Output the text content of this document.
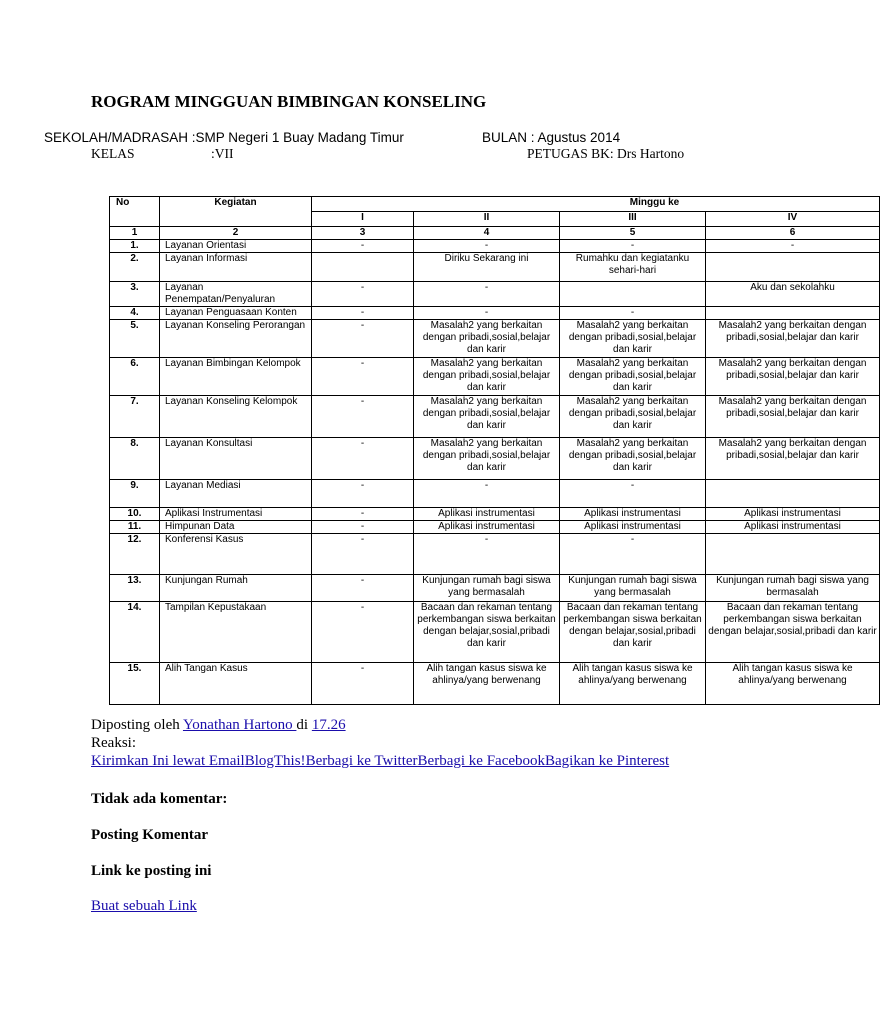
ROGRAM MINGGUAN BIMBINGAN KONSELING
SEKOLAH/MADRASAH :SMP Negeri 1 Buay Madang Timur	BULAN : Agustus 2014
KELAS	:VII	PETUGAS BK: Drs Hartono
No	Kegiatan	Minggu ke			
		I	II	III	IV
1	2	3	4	5	6
1.	Layanan Orientasi	-	-	-	-
2.	Layanan Informasi		Diriku Sekarang ini	Rumahku dan kegiatanku sehari-hari	
3.	Layanan Penempatan/Penyaluran	-	-		Aku dan sekolahku
4.	Layanan Penguasaan Konten	-	-	-	
5.	Layanan Konseling Perorangan	-	Masalah2 yang berkaitan dengan pribadi,sosial,belajar dan karir	Masalah2 yang berkaitan dengan pribadi,sosial,belajar dan karir	Masalah2 yang berkaitan dengan pribadi,sosial,belajar dan karir
6.	Layanan Bimbingan Kelompok	-	Masalah2 yang berkaitan dengan pribadi,sosial,belajar dan karir	Masalah2 yang berkaitan dengan pribadi,sosial,belajar dan karir	Masalah2 yang berkaitan dengan pribadi,sosial,belajar dan karir
7.	Layanan Konseling Kelompok	-	Masalah2 yang berkaitan dengan pribadi,sosial,belajar dan karir	Masalah2 yang berkaitan dengan pribadi,sosial,belajar dan karir	Masalah2 yang berkaitan dengan pribadi,sosial,belajar dan karir
8.	Layanan Konsultasi	-	Masalah2 yang berkaitan dengan pribadi,sosial,belajar dan karir	Masalah2 yang berkaitan dengan pribadi,sosial,belajar dan karir	Masalah2 yang berkaitan dengan pribadi,sosial,belajar dan karir
9.	Layanan Mediasi	-	-	-	
10.	Aplikasi Instrumentasi	-	Aplikasi instrumentasi	Aplikasi instrumentasi	Aplikasi instrumentasi
11.	Himpunan Data	-	Aplikasi instrumentasi	Aplikasi instrumentasi	Aplikasi instrumentasi
12.	Konferensi Kasus	-	-	-	
13.	Kunjungan Rumah	-	Kunjungan rumah bagi siswa yang bermasalah	Kunjungan rumah bagi siswa yang bermasalah	Kunjungan rumah bagi siswa yang bermasalah
14.	Tampilan Kepustakaan	-	Bacaan dan rekaman tentang perkembangan siswa berkaitan dengan belajar,sosial,pribadi dan karir	Bacaan dan rekaman tentang perkembangan siswa berkaitan dengan belajar,sosial,pribadi dan karir	Bacaan dan rekaman tentang perkembangan siswa berkaitan dengan belajar,sosial,pribadi dan karir
15.	Alih Tangan Kasus	-	Alih tangan kasus siswa ke ahlinya/yang berwenang	Alih tangan kasus siswa ke ahlinya/yang berwenang	Alih tangan kasus siswa ke ahlinya/yang berwenang
Diposting oleh Yonathan Hartono di 17.26
Reaksi:
Kirimkan Ini lewat EmailBlogThis!Berbagi ke TwitterBerbagi ke FacebookBagikan ke Pinterest
Tidak ada komentar:
Posting Komentar
Link ke posting ini
Buat sebuah Link
